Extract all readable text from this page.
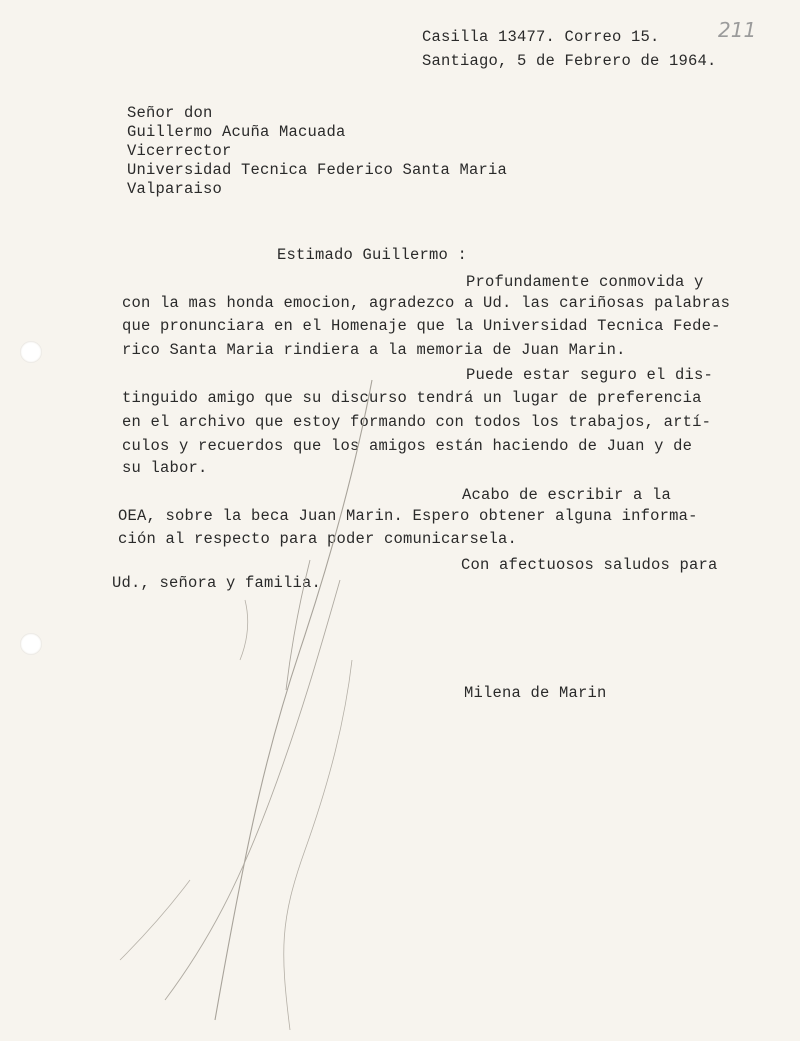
211
Casilla 13477. Correo 15.
Santiago, 5 de Febrero de 1964.
Señor don
Guillermo Acuña Macuada
Vicerrector
Universidad Tecnica Federico Santa Maria
Valparaiso
Estimado Guillermo :
Profundamente conmovida y
con la mas honda emocion, agradezco a Ud. las cariñosas palabras
que pronunciara en el Homenaje que la Universidad Tecnica Fede-
rico Santa Maria rindiera a la memoria de Juan Marin.
Puede estar seguro el dis-
tinguido amigo que su discurso tendrá un lugar de preferencia
en el archivo que estoy formando con todos los trabajos, artí-
culos y recuerdos que los amigos están haciendo de Juan y de
su labor.
Acabo de escribir a la
OEA, sobre la beca Juan Marin. Espero obtener alguna informa-
ción al respecto para poder comunicarsela.
Con afectuosos saludos para
Ud., señora y familia.
Milena de Marin
